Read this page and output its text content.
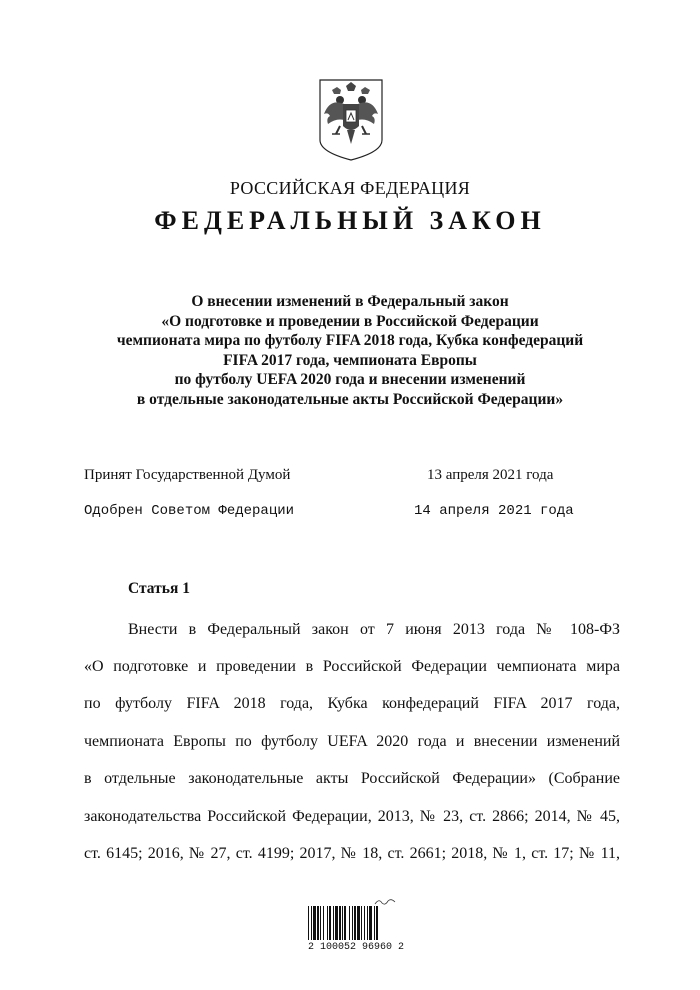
РОССИЙСКАЯ ФЕДЕРАЦИЯ
ФЕДЕРАЛЬНЫЙ ЗАКОН
О внесении изменений в Федеральный закон
«О подготовке и проведении в Российской Федерации
чемпионата мира по футболу FIFA 2018 года, Кубка конфедераций
FIFA 2017 года, чемпионата Европы
по футболу UEFA 2020 года и внесении изменений
в отдельные законодательные акты Российской Федерации»
Принят Государственной Думой	13 апреля 2021 года
Одобрен Советом Федерации	14 апреля 2021 года
Статья 1
Внести в Федеральный закон от 7 июня 2013 года № 108-ФЗ
«О подготовке и проведении в Российской Федерации чемпионата мира
по футболу FIFA 2018 года, Кубка конфедераций FIFA 2017 года,
чемпионата Европы по футболу UEFA 2020 года и внесении изменений
в отдельные законодательные акты Российской Федерации» (Собрание
законодательства Российской Федерации, 2013, № 23, ст. 2866; 2014, № 45,
ст. 6145; 2016, № 27, ст. 4199; 2017, № 18, ст. 2661; 2018, № 1, ст. 17; № 11,
2 100052 96960 2
